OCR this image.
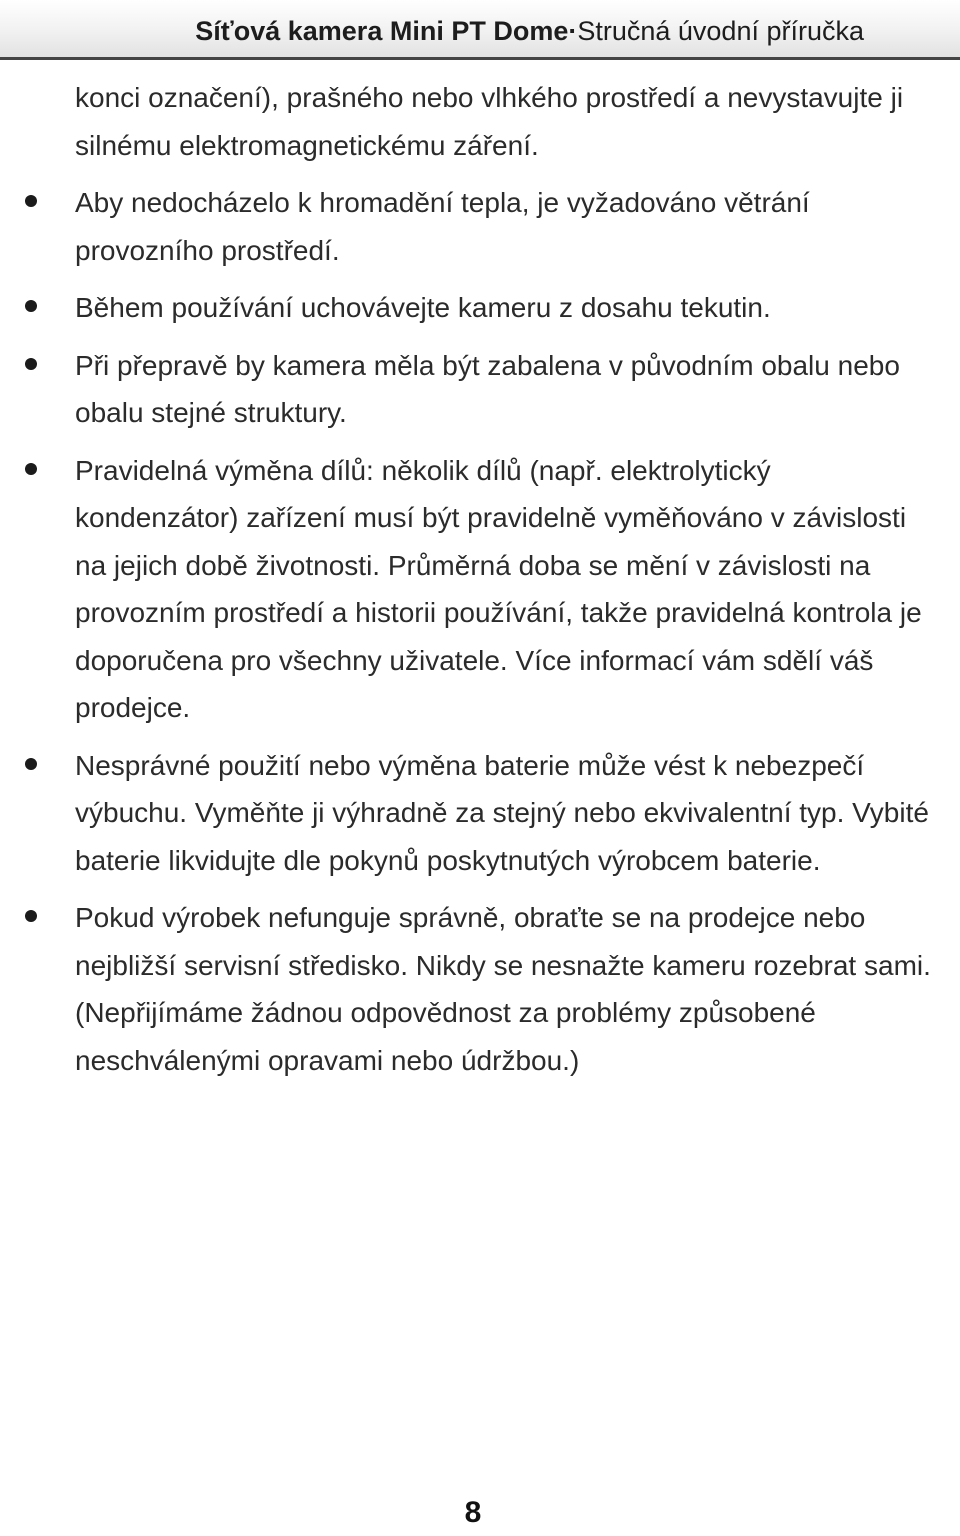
Síťová kamera Mini PT Dome·Stručná úvodní příručka

konci označení), prašného nebo vlhkého prostředí a nevystavujte ji silnému elektromagnetickému záření.

Aby nedocházelo k hromadění tepla, je vyžadováno větrání provozního prostředí.
Během používání uchovávejte kameru z dosahu tekutin.
Při přepravě by kamera měla být zabalena v původním obalu nebo obalu stejné struktury.
Pravidelná výměna dílů: několik dílů (např. elektrolytický kondenzátor) zařízení musí být pravidelně vyměňováno v závislosti na jejich době životnosti. Průměrná doba se mění v závislosti na provozním prostředí a historii používání, takže pravidelná kontrola je doporučena pro všechny uživatele. Více informací vám sdělí váš prodejce.
Nesprávné použití nebo výměna baterie může vést k nebezpečí výbuchu. Vyměňte ji výhradně za stejný nebo ekvivalentní typ. Vybité baterie likvidujte dle pokynů poskytnutých výrobcem baterie.
Pokud výrobek nefunguje správně, obraťte se na prodejce nebo nejbližší servisní středisko. Nikdy se nesnažte kameru rozebrat sami. (Nepřijímáme žádnou odpovědnost za problémy způsobené neschválenými opravami nebo údržbou.)
8
